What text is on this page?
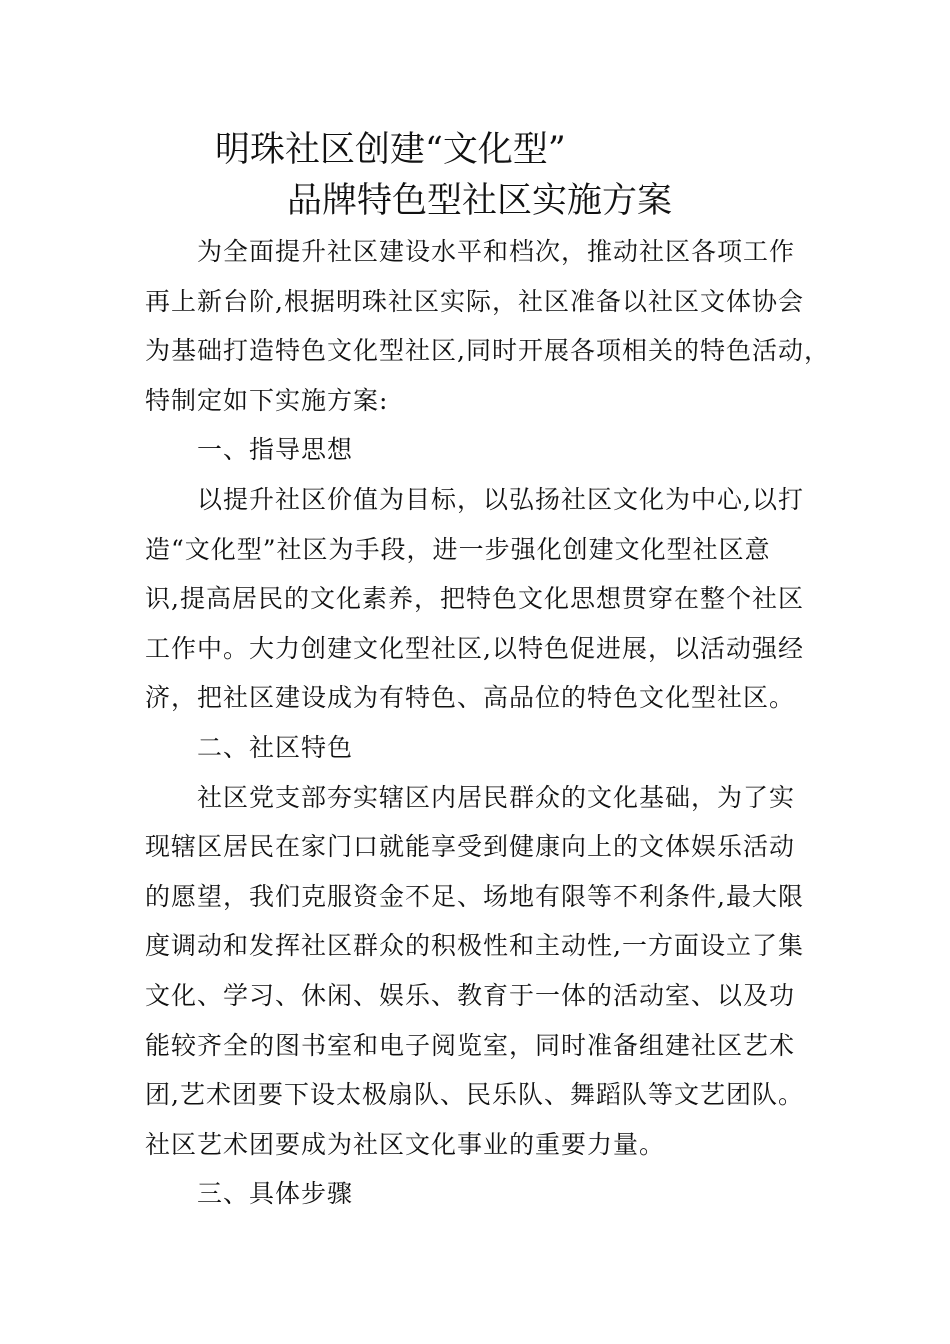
明珠社区创建“文化型”
品牌特色型社区实施方案
为全面提升社区建设水平和档次，推动社区各项工作
再上新台阶,根据明珠社区实际，社区准备以社区文体协会
为基础打造特色文化型社区,同时开展各项相关的特色活动，
特制定如下实施方案:
一、指导思想
以提升社区价值为目标，以弘扬社区文化为中心,以打
造“文化型”社区为手段，进一步强化创建文化型社区意
识,提高居民的文化素养，把特色文化思想贯穿在整个社区
工作中。大力创建文化型社区,以特色促进展，以活动强经
济，把社区建设成为有特色、高品位的特色文化型社区。
二、社区特色
社区党支部夯实辖区内居民群众的文化基础，为了实
现辖区居民在家门口就能享受到健康向上的文体娱乐活动
的愿望，我们克服资金不足、场地有限等不利条件,最大限
度调动和发挥社区群众的积极性和主动性,一方面设立了集
文化、学习、休闲、娱乐、教育于一体的活动室、以及功
能较齐全的图书室和电子阅览室，同时准备组建社区艺术
团,艺术团要下设太极扇队、民乐队、舞蹈队等文艺团队。
社区艺术团要成为社区文化事业的重要力量。
三、具体步骤
